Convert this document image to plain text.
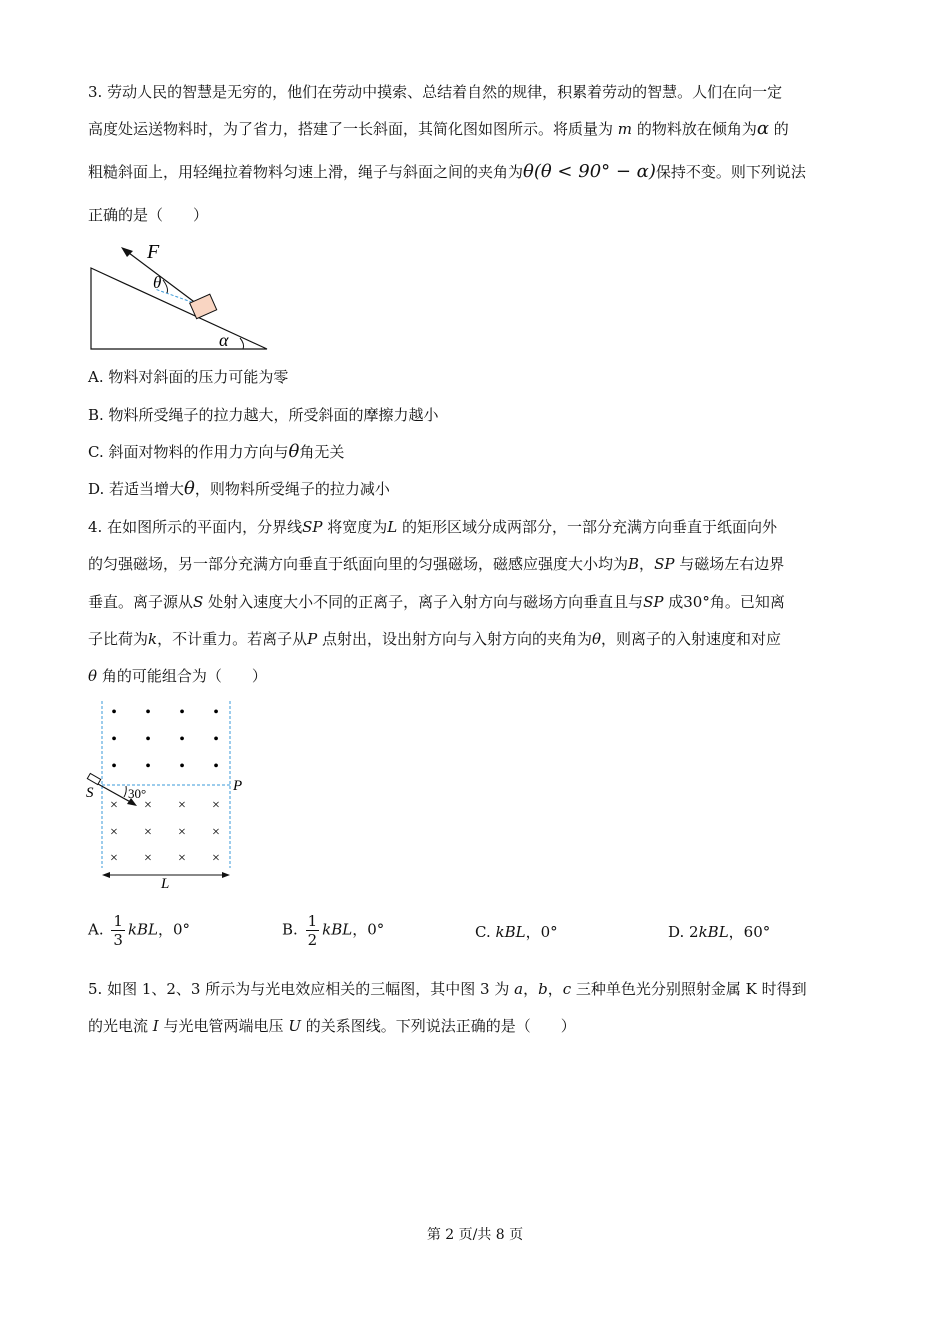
3. 劳动人民的智慧是无穷的，他们在劳动中摸索、总结着自然的规律，积累着劳动的智慧。人们在向一定
高度处运送物料时，为了省力，搭建了一长斜面，其简化图如图所示。将质量为 m 的物料放在倾角为α 的
粗糙斜面上，用轻绳拉着物料匀速上滑，绳子与斜面之间的夹角为θ(θ < 90° − α)保持不变。则下列说法
正确的是（　　）
F
θ
α
A. 物料对斜面的压力可能为零
B. 物料所受绳子的拉力越大，所受斜面的摩擦力越小
C. 斜面对物料的作用力方向与θ角无关
D. 若适当增大θ，则物料所受绳子的拉力减小
4. 在如图所示的平面内，分界线SP 将宽度为L 的矩形区域分成两部分，一部分充满方向垂直于纸面向外
的匀强磁场，另一部分充满方向垂直于纸面向里的匀强磁场，磁感应强度大小均为B，SP 与磁场左右边界
垂直。离子源从S 处射入速度大小不同的正离子，离子入射方向与磁场方向垂直且与SP 成30°角。已知离
子比荷为k，不计重力。若离子从P 点射出，设出射方向与入射方向的夹角为θ，则离子的入射速度和对应
θ 角的可能组合为（　　）
• • • •
• • • •
• • • •
× × × ×
× × × ×
× × × ×
S	P
30°
L
A. $\frac{1}{3}$ kBL，0°	B. $\frac{1}{2}$ kBL，0°	C. kBL，0°	D. 2kBL，60°
5. 如图 1、2、3 所示为与光电效应相关的三幅图，其中图 3 为 a，b，c 三种单色光分别照射金属 K 时得到
的光电流 I 与光电管两端电压 U 的关系图线。下列说法正确的是（　　）
第 2 页/共 8 页
